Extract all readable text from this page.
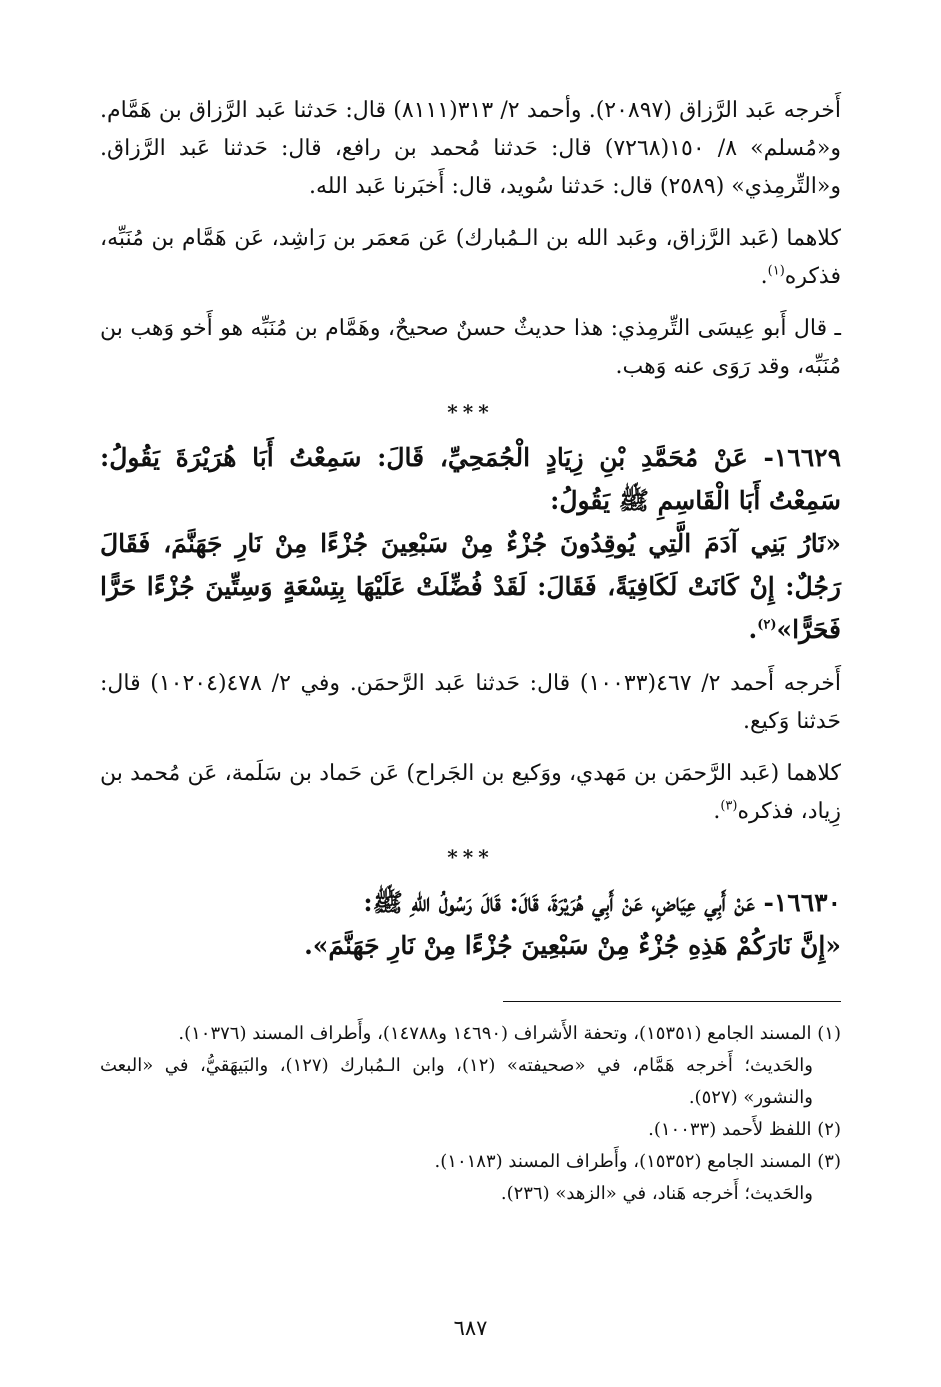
أَخرجه عَبد الرَّزاق (٢٠٨٩٧). وأحمد ٢/ ٣١٣(٨١١١) قال: حَدثنا عَبد الرَّزاق بن هَمَّام. و«مُسلم» ٨/ ١٥٠(٧٢٦٨) قال: حَدثنا مُحمد بن رافع، قال: حَدثنا عَبد الرَّزاق. و«التِّرمِذي» (٢٥٨٩) قال: حَدثنا سُويد، قال: أَخبَرنا عَبد الله.

كلاهما (عَبد الرَّزاق، وعَبد الله بن الـمُبارك) عَن مَعمَر بن رَاشِد، عَن هَمَّام بن مُنَبِّه، فذكره$^{(١)}$.

ـ قال أَبو عِيسَى التِّرمِذي: هذا حديثٌ حسنٌ صحيحٌ، وهَمَّام بن مُنَبِّه هو أَخو وَهب بن مُنَبِّه، وقد رَوَى عنه وَهب.

***

١٦٦٢٩- عَنْ مُحَمَّدِ بْنِ زِيَادٍ الْجُمَحِيِّ، قَالَ: سَمِعْتُ أَبَا هُرَيْرَةَ يَقُولُ: سَمِعْتُ أَبَا الْقَاسِمِ ﷺ يَقُولُ:

«نَارُ بَنِي آدَمَ الَّتِي يُوقِدُونَ جُزْءٌ مِنْ سَبْعِينَ جُزْءًا مِنْ نَارِ جَهَنَّمَ، فَقَالَ رَجُلٌ: إِنْ كَانَتْ لَكَافِيَةً، فَقَالَ: لَقَدْ فُضِّلَتْ عَلَيْهَا بِتِسْعَةٍ وَسِتِّينَ جُزْءًا حَرًّا فَحَرًّا»$^{(٢)}$.

أَخرجه أَحمد ٢/ ٤٦٧(١٠٠٣٣) قال: حَدثنا عَبد الرَّحمَن. وفي ٢/ ٤٧٨(١٠٢٠٤) قال: حَدثنا وَكيع.

كلاهما (عَبد الرَّحمَن بن مَهدي، ووَكيع بن الجَراح) عَن حَماد بن سَلَمة، عَن مُحمد بن زِياد، فذكره$^{(٣)}$.

***

١٦٦٣٠- عَنْ أَبِي عِيَاضٍ، عَنْ أَبِي هُرَيْرَةَ، قَالَ: قَالَ رَسُولُ اللهِ ﷺ:

«إِنَّ نَارَكُمْ هَذِهِ جُزْءٌ مِنْ سَبْعِينَ جُزْءًا مِنْ نَارِ جَهَنَّمَ».

(١) المسند الجامع (١٥٣٥١)، وتحفة الأَشراف (١٤٦٩٠ و١٤٧٨٨)، وأَطراف المسند (١٠٣٧٦).

والحَديث؛ أَخرجه هَمَّام، في «صحيفته» (١٢)، وابن الـمُبارك (١٢٧)، والبَيهَقيُّ، في «البعث والنشور» (٥٢٧).

(٢) اللفظ لأَحمد (١٠٠٣٣).

(٣) المسند الجامع (١٥٣٥٢)، وأَطراف المسند (١٠١٨٣).

والحَديث؛ أَخرجه هَناد، في «الزهد» (٢٣٦).

٦٨٧
